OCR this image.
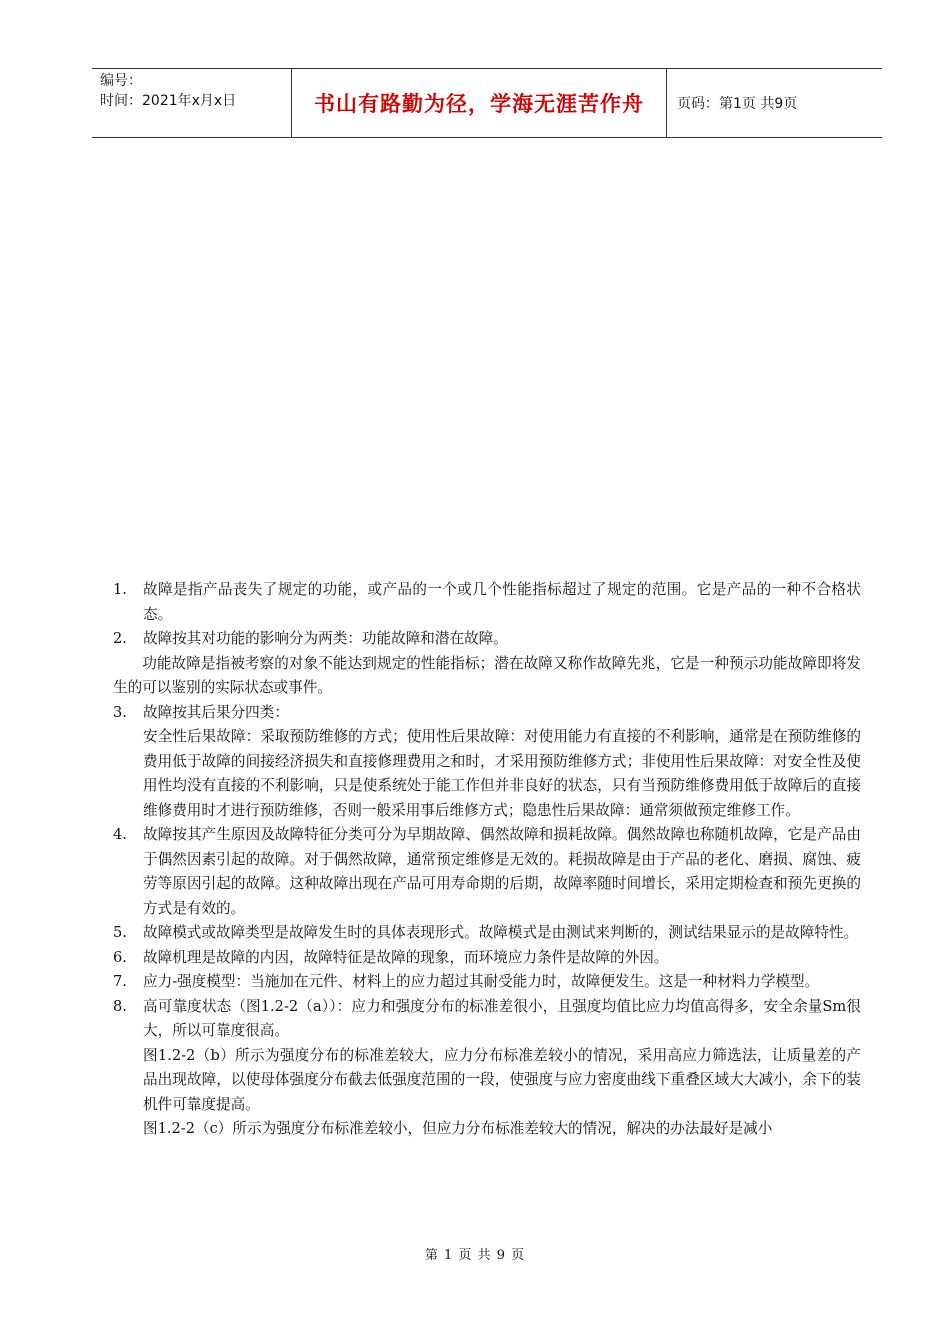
编号：
时间：2021年x月x日	书山有路勤为径，学海无涯苦作舟	页码：第1页 共9页
1.	故障是指产品丧失了规定的功能，或产品的一个或几个性能指标超过了规定的范围。它是产品的一种不合格状态。
2.	故障按其对功能的影响分为两类：功能故障和潜在故障。
功能故障是指被考察的对象不能达到规定的性能指标；潜在故障又称作故障先兆，它是一种预示功能故障即将发生的可以鉴别的实际状态或事件。
3.	故障按其后果分四类：
安全性后果故障：采取预防维修的方式；使用性后果故障：对使用能力有直接的不利影响，通常是在预防维修的费用低于故障的间接经济损失和直接修理费用之和时，才采用预防维修方式；非使用性后果故障：对安全性及使用性均没有直接的不利影响，只是使系统处于能工作但并非良好的状态，只有当预防维修费用低于故障后的直接维修费用时才进行预防维修，否则一般采用事后维修方式；隐患性后果故障：通常须做预定维修工作。
4.	故障按其产生原因及故障特征分类可分为早期故障、偶然故障和损耗故障。偶然故障也称随机故障，它是产品由于偶然因素引起的故障。对于偶然故障，通常预定维修是无效的。耗损故障是由于产品的老化、磨损、腐蚀、疲劳等原因引起的故障。这种故障出现在产品可用寿命期的后期，故障率随时间增长，采用定期检查和预先更换的方式是有效的。
5.	故障模式或故障类型是故障发生时的具体表现形式。故障模式是由测试来判断的，测试结果显示的是故障特性。
6.	故障机理是故障的内因，故障特征是故障的现象，而环境应力条件是故障的外因。
7.	应力-强度模型：当施加在元件、材料上的应力超过其耐受能力时，故障便发生。这是一种材料力学模型。
8.	高可靠度状态（图1.2-2（a））：应力和强度分布的标准差很小，且强度均值比应力均值高得多，安全余量Sm很大，所以可靠度很高。
图1.2-2（b）所示为强度分布的标准差较大，应力分布标准差较小的情况，采用高应力筛选法，让质量差的产品出现故障，以使母体强度分布截去低强度范围的一段，使强度与应力密度曲线下重叠区域大大减小，余下的装机件可靠度提高。
图1.2-2（c）所示为强度分布标准差较小，但应力分布标准差较大的情况，解决的办法最好是减小
第 1 页 共 9 页
